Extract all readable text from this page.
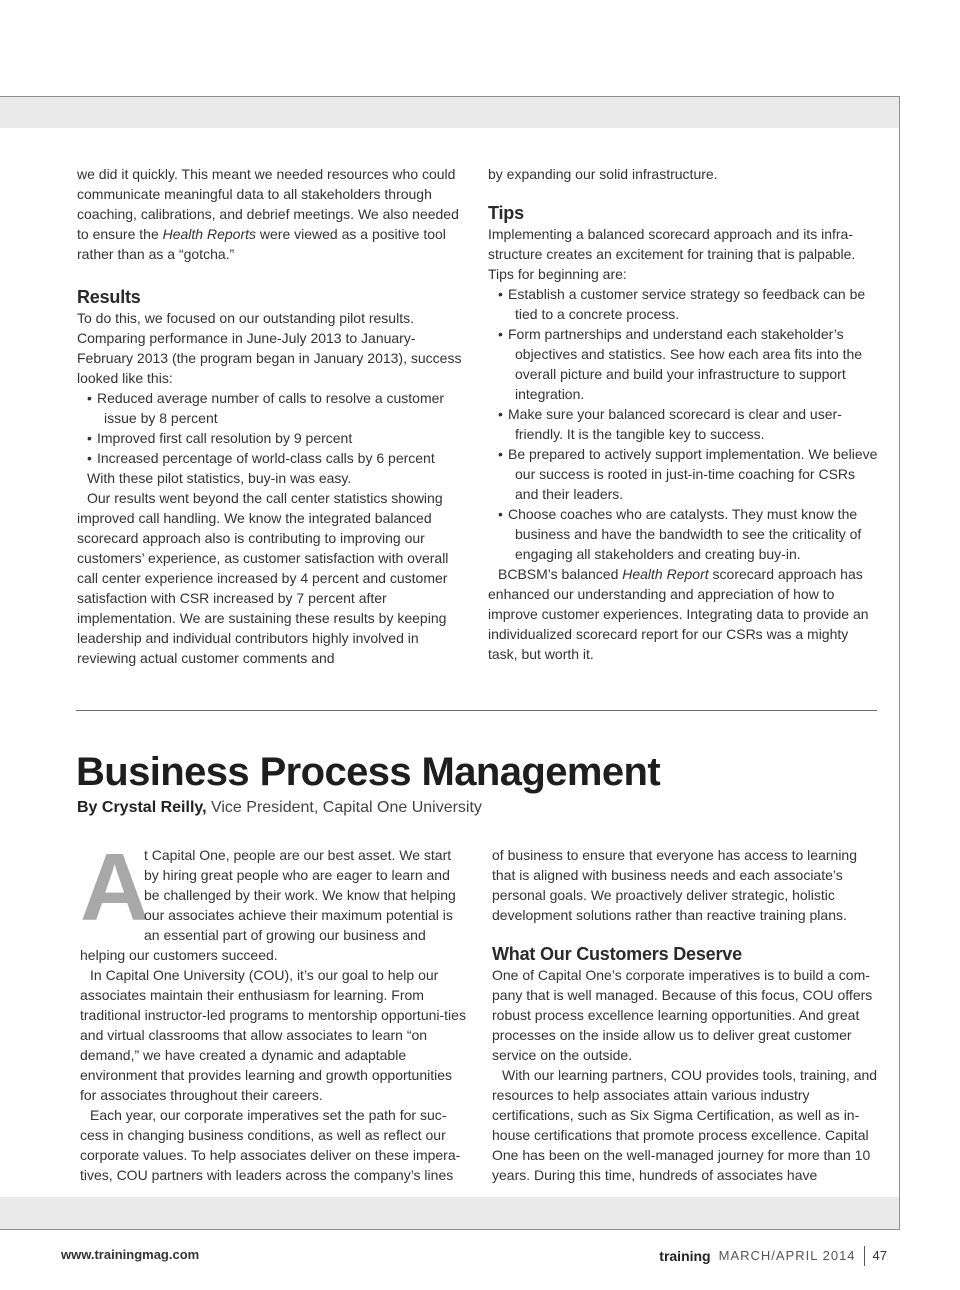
we did it quickly. This meant we needed resources who could communicate meaningful data to all stakeholders through coaching, calibrations, and debrief meetings. We also needed to ensure the Health Reports were viewed as a positive tool rather than as a “gotcha.”

Results

To do this, we focused on our outstanding pilot results. Comparing performance in June-July 2013 to January-February 2013 (the program began in January 2013), success looked like this:

• Reduced average number of calls to resolve a customer issue by 8 percent
• Improved first call resolution by 9 percent
• Increased percentage of world-class calls by 6 percent

With these pilot statistics, buy-in was easy.

Our results went beyond the call center statistics showing improved call handling. We know the integrated balanced scorecard approach also is contributing to improving our customers’ experience, as customer satisfaction with overall call center experience increased by 4 percent and customer satisfaction with CSR increased by 7 percent after implementation. We are sustaining these results by keeping leadership and individual contributors highly involved in reviewing actual customer comments and

by expanding our solid infrastructure.

Tips

Implementing a balanced scorecard approach and its infra-structure creates an excitement for training that is palpable. Tips for beginning are:

• Establish a customer service strategy so feedback can be tied to a concrete process.
• Form partnerships and understand each stakeholder’s objectives and statistics. See how each area fits into the overall picture and build your infrastructure to support integration.
• Make sure your balanced scorecard is clear and user-friendly. It is the tangible key to success.
• Be prepared to actively support implementation. We believe our success is rooted in just-in-time coaching for CSRs and their leaders.
• Choose coaches who are catalysts. They must know the business and have the bandwidth to see the criticality of engaging all stakeholders and creating buy-in.

BCBSM’s balanced Health Report scorecard approach has enhanced our understanding and appreciation of how to improve customer experiences. Integrating data to provide an individualized scorecard report for our CSRs was a mighty task, but worth it.

Business Process Management
By Crystal Reilly, Vice President, Capital One University

A
t Capital One, people are our best asset. We start by hiring great people who are eager to learn and be challenged by their work. We know that helping our associates achieve their maximum potential is an essential part of growing our business and helping our customers succeed.

In Capital One University (COU), it’s our goal to help our associates maintain their enthusiasm for learning. From traditional instructor-led programs to mentorship opportuni-ties and virtual classrooms that allow associates to learn “on demand,” we have created a dynamic and adaptable environment that provides learning and growth opportunities for associates throughout their careers.

Each year, our corporate imperatives set the path for suc-cess in changing business conditions, as well as reflect our corporate values. To help associates deliver on these impera-tives, COU partners with leaders across the company’s lines

of business to ensure that everyone has access to learning that is aligned with business needs and each associate’s personal goals. We proactively deliver strategic, holistic development solutions rather than reactive training plans.

What Our Customers Deserve

One of Capital One’s corporate imperatives is to build a com-pany that is well managed. Because of this focus, COU offers robust process excellence learning opportunities. And great processes on the inside allow us to deliver great customer service on the outside.

With our learning partners, COU provides tools, training, and resources to help associates attain various industry certifications, such as Six Sigma Certification, as well as in-house certifications that promote process excellence. Capital One has been on the well-managed journey for more than 10 years. During this time, hundreds of associates have

www.trainingmag.com	training MARCH/APRIL 2014 47
